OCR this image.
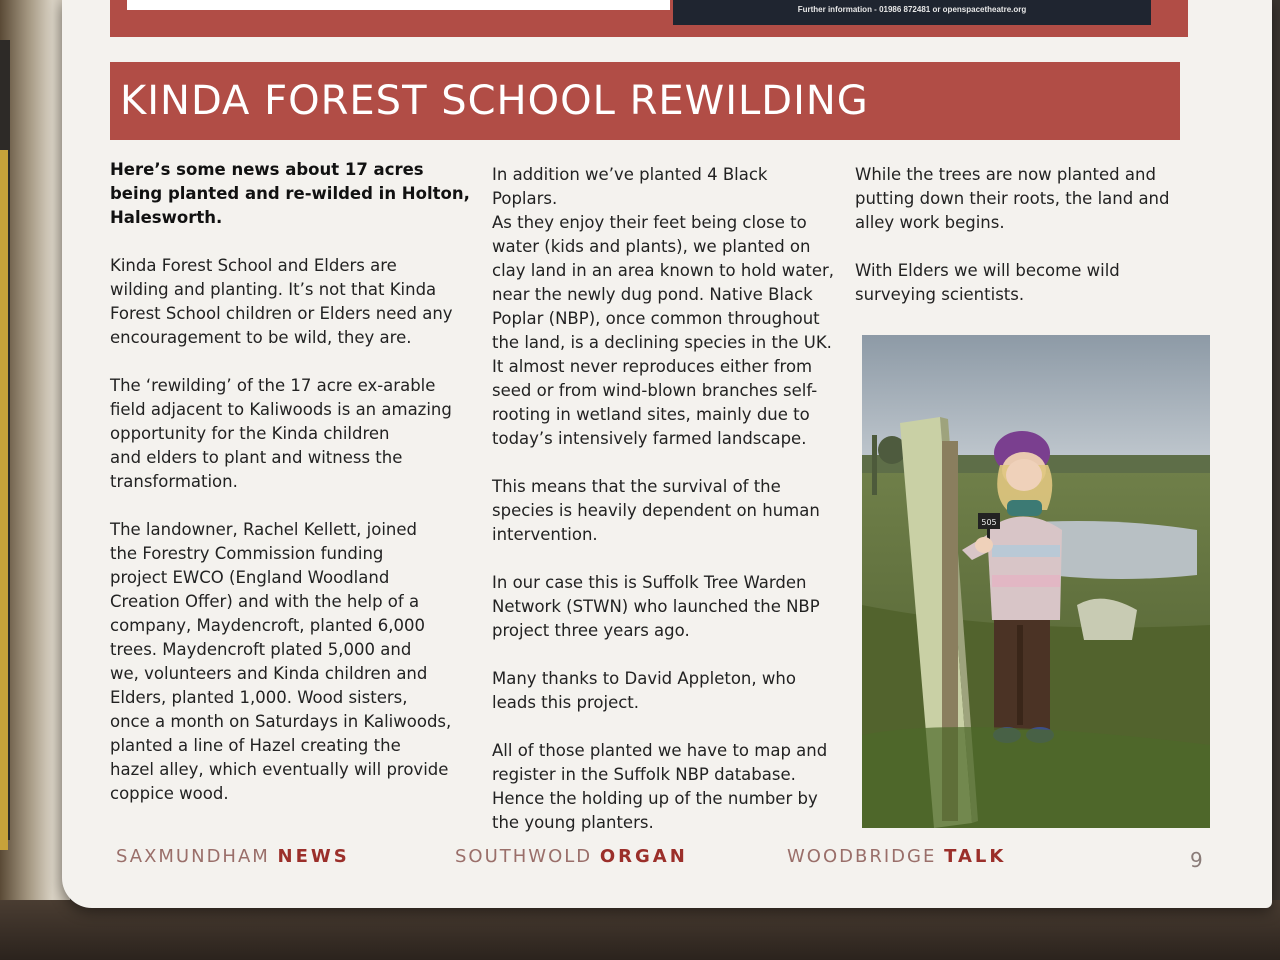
Further information - 01986 872481 or openspacetheatre.org
KINDA FOREST SCHOOL REWILDING

Here’s some news about 17 acres
being planted and re-wilded in Holton,
Halesworth.

Kinda Forest School and Elders are
wilding and planting. It’s not that Kinda
Forest School children or Elders need any
encouragement to be wild, they are.

The ‘rewilding’ of the 17 acre ex-arable
field adjacent to Kaliwoods is an amazing
opportunity for the Kinda children
and elders to plant and witness the
transformation.

The landowner, Rachel Kellett, joined
the Forestry Commission funding
project EWCO (England Woodland
Creation Offer) and with the help of a
company, Maydencroft, planted 6,000
trees. Maydencroft plated 5,000 and
we, volunteers and Kinda children and
Elders, planted 1,000. Wood sisters,
once a month on Saturdays in Kaliwoods,
planted a line of Hazel creating the
hazel alley, which eventually will provide
coppice wood.

In addition we’ve planted 4 Black Poplars.
As they enjoy their feet being close to
water (kids and plants), we planted on
clay land in an area known to hold water,
near the newly dug pond. Native Black
Poplar (NBP), once common throughout
the land, is a declining species in the UK.
It almost never reproduces either from
seed or from wind-blown branches self-
rooting in wetland sites, mainly due to
today’s intensively farmed landscape.

This means that the survival of the
species is heavily dependent on human
intervention.

In our case this is Suffolk Tree Warden
Network (STWN) who launched the NBP
project three years ago.

Many thanks to David Appleton, who
leads this project.

All of those planted we have to map and
register in the Suffolk NBP database.
Hence the holding up of the number by
the young planters.

While the trees are now planted and
putting down their roots, the land and
alley work begins.

With Elders we will become wild
surveying scientists.

505
SAXMUNDHAM NEWS	SOUTHWOLD ORGAN	WOODBRIDGE TALK	9
